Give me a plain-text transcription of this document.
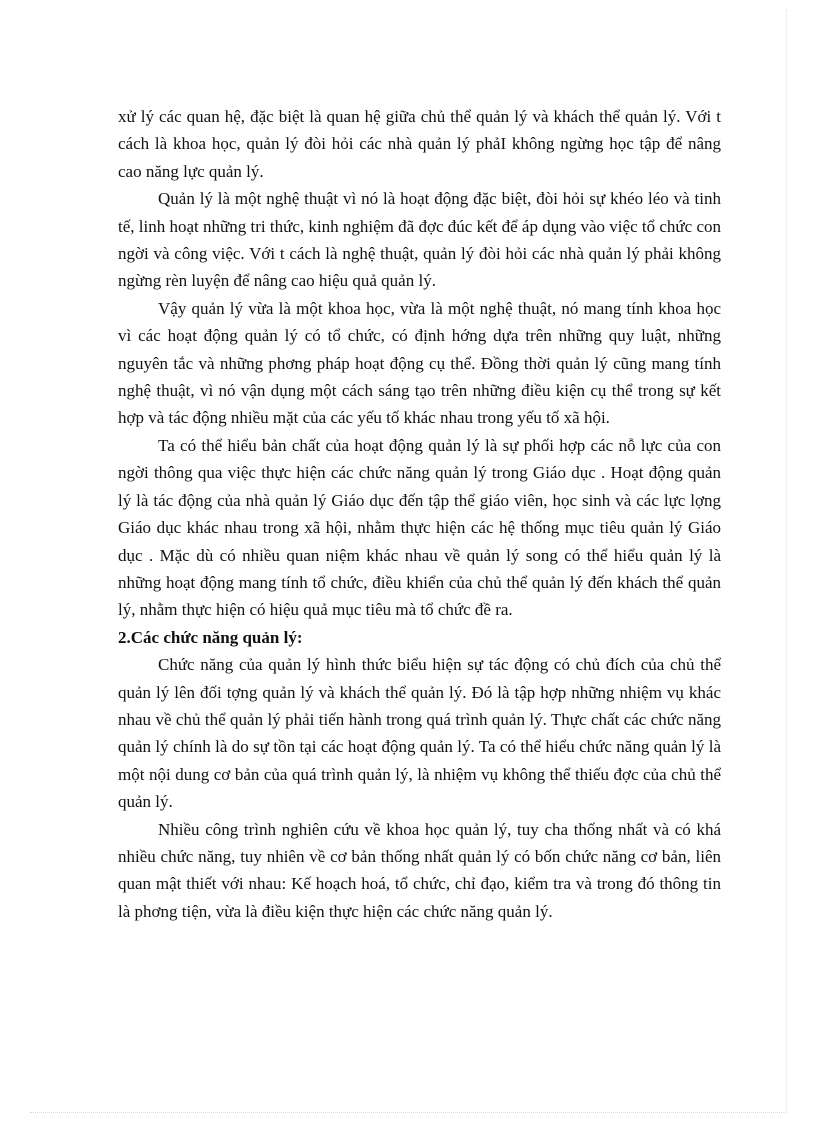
xử lý các quan hệ, đặc biệt là quan hệ giữa chủ thể quản lý và khách thể quản lý. Với t cách là khoa học, quản lý đòi hỏi các nhà quản lý phảI không ngừng học tập để nâng cao năng lực quản lý.

Quản lý là một nghệ thuật vì nó là hoạt động đặc biệt, đòi hỏi sự khéo léo và tinh tế, linh hoạt những tri thức, kinh nghiệm đã đợc đúc kết để áp dụng vào việc tổ chức con ngời và công việc. Với t cách là nghệ thuật, quản lý đòi hỏi các nhà quản lý phải không ngừng rèn luyện để nâng cao hiệu quả quản lý.

Vậy quản lý vừa là một khoa học, vừa là một nghệ thuật, nó mang tính khoa học vì các hoạt động quản lý có tổ chức, có định hớng dựa trên những quy luật, những nguyên tắc và những phơng pháp hoạt động cụ thể. Đồng thời quản lý cũng mang tính nghệ thuật, vì nó vận dụng một cách sáng tạo trên những điều kiện cụ thể trong sự kết hợp và tác động nhiều mặt của các yếu tố khác nhau trong yếu tố xã hội.

Ta có thể hiểu bản chất của hoạt động quản lý là sự phối hợp các nỗ lực của con ngời thông qua việc thực hiện các chức năng quản lý trong Giáo dục . Hoạt động quản lý là tác động của nhà quản lý Giáo dục đến tập thể giáo viên, học sinh và các lực lợng Giáo dục khác nhau trong xã hội, nhằm thực hiện các hệ thống mục tiêu quản lý Giáo dục . Mặc dù có nhiều quan niệm khác nhau về quản lý song có thể hiểu quản lý là những hoạt động mang tính tổ chức, điều khiển của chủ thể quản lý đến khách thể quản lý, nhằm thực hiện có hiệu quả mục tiêu mà tổ chức đề ra.

2.Các chức năng quản lý:

Chức năng của quản lý hình thức biểu hiện sự tác động có chủ đích của chủ thể quản lý lên đối tợng quản lý và khách thể quản lý. Đó là tập hợp những nhiệm vụ khác nhau về chủ thể quản lý phải tiến hành trong quá trình quản lý. Thực chất các chức năng quản lý chính là do sự tồn tại các hoạt động quản lý. Ta có thể hiểu chức năng quản lý là một nội dung cơ bản của quá trình quản lý, là nhiệm vụ không thể thiếu đợc của chủ thể quản lý.

Nhiều công trình nghiên cứu về khoa học quản lý, tuy cha thống nhất và có khá nhiều chức năng, tuy nhiên về cơ bản thống nhất quản lý có bốn chức năng cơ bản, liên quan mật thiết với nhau: Kế hoạch hoá, tổ chức, chỉ đạo, kiểm tra và trong đó thông tin là phơng tiện, vừa là điều kiện thực hiện các chức năng quản lý.
